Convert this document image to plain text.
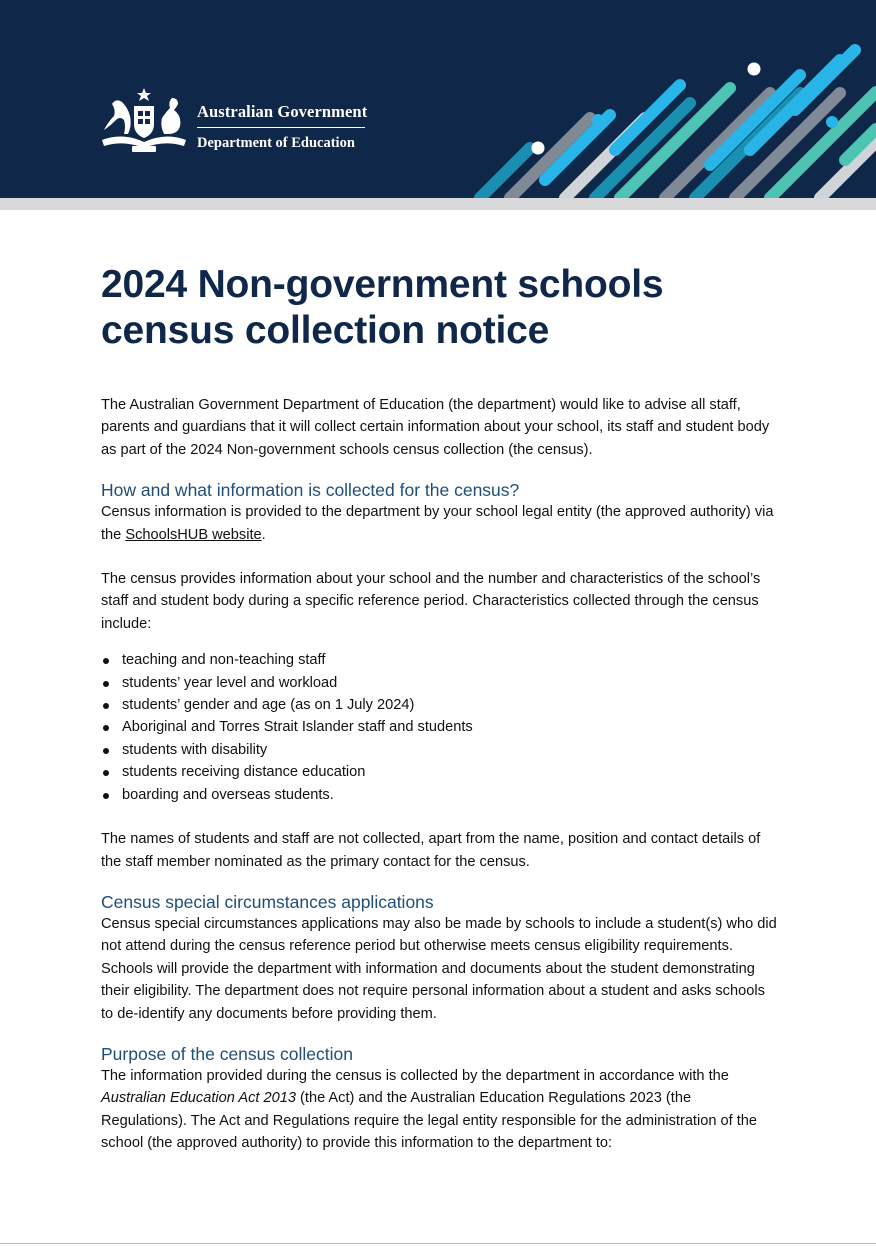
Australian Government
Department of Education
2024 Non-government schools
census collection notice

The Australian Government Department of Education (the department) would like to advise all staff, parents and guardians that it will collect certain information about your school, its staff and student body as part of the 2024 Non-government schools census collection (the census).

How and what information is collected for the census?

Census information is provided to the department by your school legal entity (the approved authority) via the SchoolsHUB website.

The census provides information about your school and the number and characteristics of the school’s staff and student body during a specific reference period. Characteristics collected through the census include:

teaching and non-teaching staff
students’ year level and workload
students’ gender and age (as on 1 July 2024)
Aboriginal and Torres Strait Islander staff and students
students with disability
students receiving distance education
boarding and overseas students.

The names of students and staff are not collected, apart from the name, position and contact details of the staff member nominated as the primary contact for the census.

Census special circumstances applications

Census special circumstances applications may also be made by schools to include a student(s) who did not attend during the census reference period but otherwise meets census eligibility requirements. Schools will provide the department with information and documents about the student demonstrating their eligibility. The department does not require personal information about a student and asks schools to de-identify any documents before providing them.

Purpose of the census collection

The information provided during the census is collected by the department in accordance with the Australian Education Act 2013 (the Act) and the Australian Education Regulations 2023 (the Regulations). The Act and Regulations require the legal entity responsible for the administration of the school (the approved authority) to provide this information to the department to:
